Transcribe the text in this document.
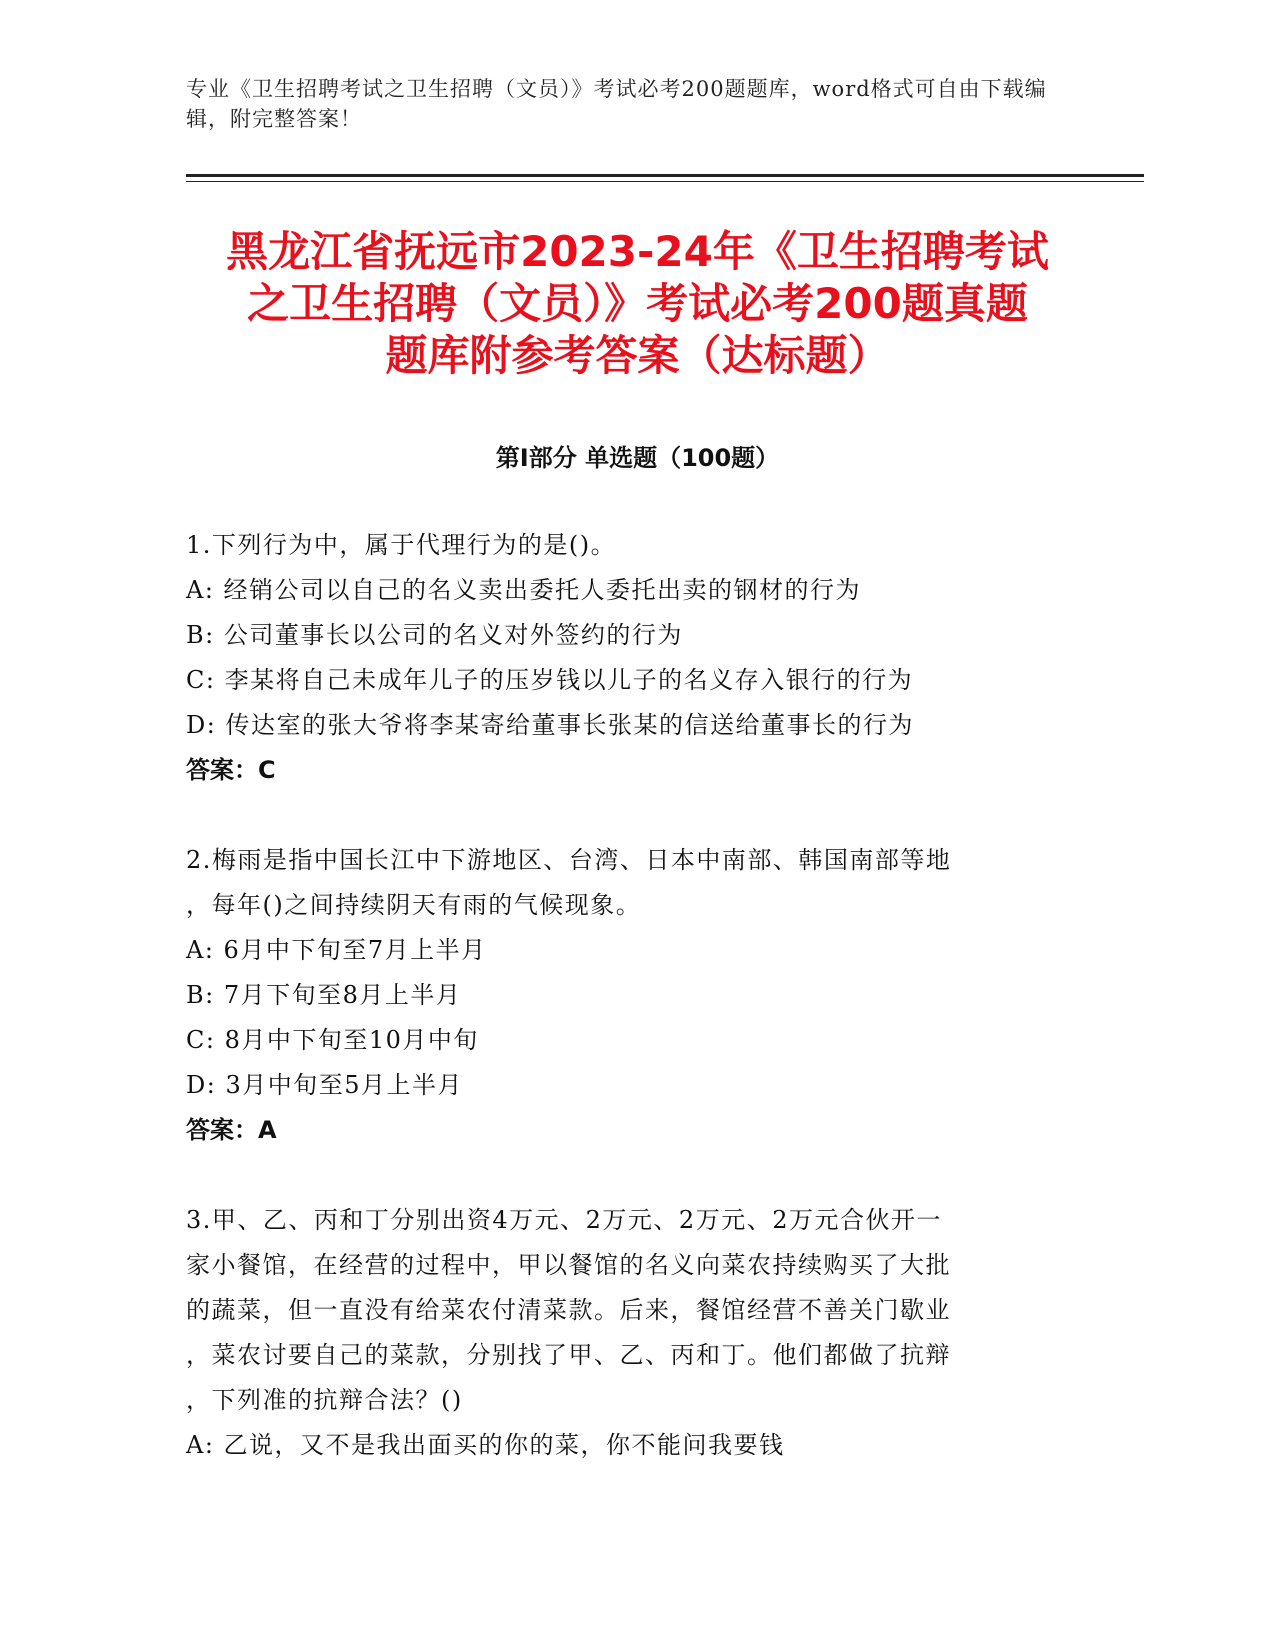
专业《卫生招聘考试之卫生招聘（文员）》考试必考200题题库，word格式可自由下载编辑，附完整答案！
黑龙江省抚远市2023-24年《卫生招聘考试
之卫生招聘（文员）》考试必考200题真题
题库附参考答案（达标题）
第Ⅰ部分 单选题（100题）

1.下列行为中，属于代理行为的是()。

A: 经销公司以自己的名义卖出委托人委托出卖的钢材的行为

B: 公司董事长以公司的名义对外签约的行为

C: 李某将自己未成年儿子的压岁钱以儿子的名义存入银行的行为

D: 传达室的张大爷将李某寄给董事长张某的信送给董事长的行为

答案：C

2.梅雨是指中国长江中下游地区、台湾、日本中南部、韩国南部等地

，每年()之间持续阴天有雨的气候现象。

A: 6月中下旬至7月上半月

B: 7月下旬至8月上半月

C: 8月中下旬至10月中旬

D: 3月中旬至5月上半月

答案：A

3.甲、乙、丙和丁分别出资4万元、2万元、2万元、2万元合伙开一

家小餐馆，在经营的过程中，甲以餐馆的名义向菜农持续购买了大批

的蔬菜，但一直没有给菜农付清菜款。后来，餐馆经营不善关门歇业

，菜农讨要自己的菜款，分别找了甲、乙、丙和丁。他们都做了抗辩

，下列准的抗辩合法？()

A: 乙说，又不是我出面买的你的菜，你不能问我要钱
